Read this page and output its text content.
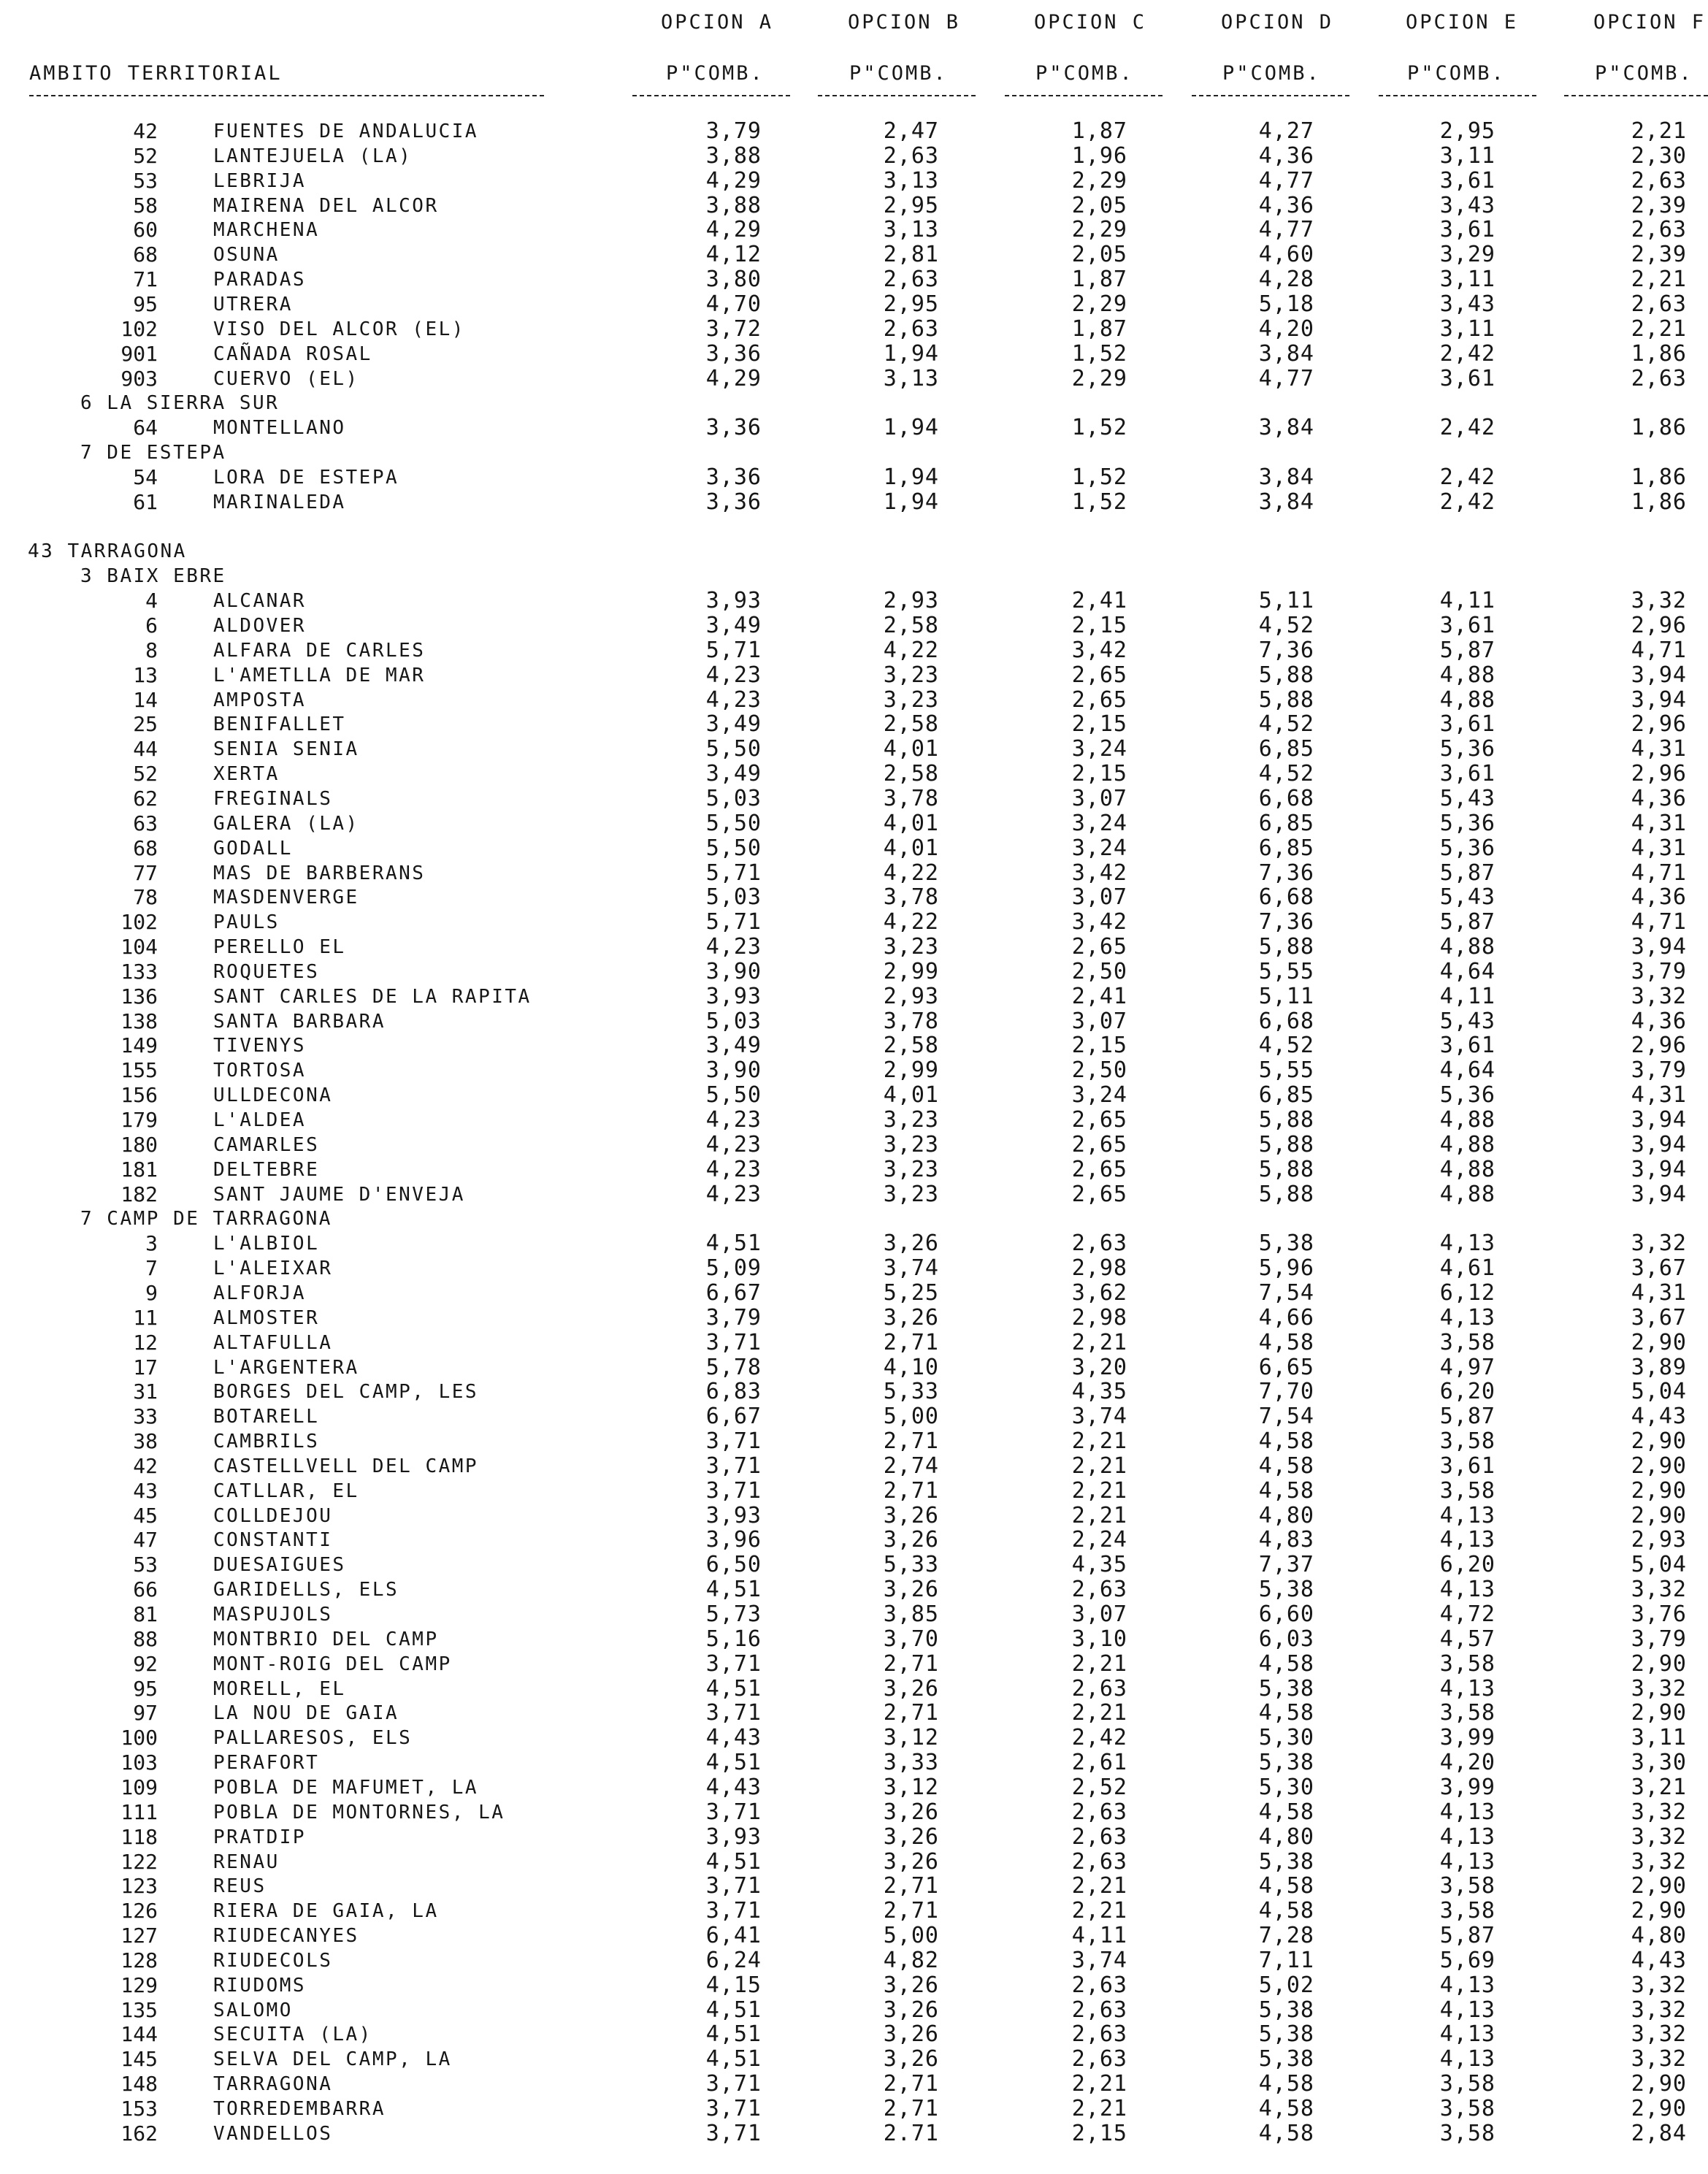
OPCION A	OPCION B	OPCION C	OPCION D	OPCION E	OPCION F
AMBITO TERRITORIAL	P"COMB.	P"COMB.	P"COMB.	P"COMB.	P"COMB.	P"COMB.
42	FUENTES DE ANDALUCIA	3,79	2,47	1,87	4,27	2,95	2,21
52	LANTEJUELA (LA)	3,88	2,63	1,96	4,36	3,11	2,30
53	LEBRIJA	4,29	3,13	2,29	4,77	3,61	2,63
58	MAIRENA DEL ALCOR	3,88	2,95	2,05	4,36	3,43	2,39
60	MARCHENA	4,29	3,13	2,29	4,77	3,61	2,63
68	OSUNA	4,12	2,81	2,05	4,60	3,29	2,39
71	PARADAS	3,80	2,63	1,87	4,28	3,11	2,21
95	UTRERA	4,70	2,95	2,29	5,18	3,43	2,63
102	VISO DEL ALCOR (EL)	3,72	2,63	1,87	4,20	3,11	2,21
901	CAÑADA ROSAL	3,36	1,94	1,52	3,84	2,42	1,86
903	CUERVO (EL)	4,29	3,13	2,29	4,77	3,61	2,63
6 LA SIERRA SUR
64	MONTELLANO	3,36	1,94	1,52	3,84	2,42	1,86
7 DE ESTEPA
54	LORA DE ESTEPA	3,36	1,94	1,52	3,84	2,42	1,86
61	MARINALEDA	3,36	1,94	1,52	3,84	2,42	1,86
43 TARRAGONA
3 BAIX EBRE
4	ALCANAR	3,93	2,93	2,41	5,11	4,11	3,32
6	ALDOVER	3,49	2,58	2,15	4,52	3,61	2,96
8	ALFARA DE CARLES	5,71	4,22	3,42	7,36	5,87	4,71
13	L'AMETLLA DE MAR	4,23	3,23	2,65	5,88	4,88	3,94
14	AMPOSTA	4,23	3,23	2,65	5,88	4,88	3,94
25	BENIFALLET	3,49	2,58	2,15	4,52	3,61	2,96
44	SENIA SENIA	5,50	4,01	3,24	6,85	5,36	4,31
52	XERTA	3,49	2,58	2,15	4,52	3,61	2,96
62	FREGINALS	5,03	3,78	3,07	6,68	5,43	4,36
63	GALERA (LA)	5,50	4,01	3,24	6,85	5,36	4,31
68	GODALL	5,50	4,01	3,24	6,85	5,36	4,31
77	MAS DE BARBERANS	5,71	4,22	3,42	7,36	5,87	4,71
78	MASDENVERGE	5,03	3,78	3,07	6,68	5,43	4,36
102	PAULS	5,71	4,22	3,42	7,36	5,87	4,71
104	PERELLO EL	4,23	3,23	2,65	5,88	4,88	3,94
133	ROQUETES	3,90	2,99	2,50	5,55	4,64	3,79
136	SANT CARLES DE LA RAPITA	3,93	2,93	2,41	5,11	4,11	3,32
138	SANTA BARBARA	5,03	3,78	3,07	6,68	5,43	4,36
149	TIVENYS	3,49	2,58	2,15	4,52	3,61	2,96
155	TORTOSA	3,90	2,99	2,50	5,55	4,64	3,79
156	ULLDECONA	5,50	4,01	3,24	6,85	5,36	4,31
179	L'ALDEA	4,23	3,23	2,65	5,88	4,88	3,94
180	CAMARLES	4,23	3,23	2,65	5,88	4,88	3,94
181	DELTEBRE	4,23	3,23	2,65	5,88	4,88	3,94
182	SANT JAUME D'ENVEJA	4,23	3,23	2,65	5,88	4,88	3,94
7 CAMP DE TARRAGONA
3	L'ALBIOL	4,51	3,26	2,63	5,38	4,13	3,32
7	L'ALEIXAR	5,09	3,74	2,98	5,96	4,61	3,67
9	ALFORJA	6,67	5,25	3,62	7,54	6,12	4,31
11	ALMOSTER	3,79	3,26	2,98	4,66	4,13	3,67
12	ALTAFULLA	3,71	2,71	2,21	4,58	3,58	2,90
17	L'ARGENTERA	5,78	4,10	3,20	6,65	4,97	3,89
31	BORGES DEL CAMP, LES	6,83	5,33	4,35	7,70	6,20	5,04
33	BOTARELL	6,67	5,00	3,74	7,54	5,87	4,43
38	CAMBRILS	3,71	2,71	2,21	4,58	3,58	2,90
42	CASTELLVELL DEL CAMP	3,71	2,74	2,21	4,58	3,61	2,90
43	CATLLAR, EL	3,71	2,71	2,21	4,58	3,58	2,90
45	COLLDEJOU	3,93	3,26	2,21	4,80	4,13	2,90
47	CONSTANTI	3,96	3,26	2,24	4,83	4,13	2,93
53	DUESAIGUES	6,50	5,33	4,35	7,37	6,20	5,04
66	GARIDELLS, ELS	4,51	3,26	2,63	5,38	4,13	3,32
81	MASPUJOLS	5,73	3,85	3,07	6,60	4,72	3,76
88	MONTBRIO DEL CAMP	5,16	3,70	3,10	6,03	4,57	3,79
92	MONT-ROIG DEL CAMP	3,71	2,71	2,21	4,58	3,58	2,90
95	MORELL, EL	4,51	3,26	2,63	5,38	4,13	3,32
97	LA NOU DE GAIA	3,71	2,71	2,21	4,58	3,58	2,90
100	PALLARESOS, ELS	4,43	3,12	2,42	5,30	3,99	3,11
103	PERAFORT	4,51	3,33	2,61	5,38	4,20	3,30
109	POBLA DE MAFUMET, LA	4,43	3,12	2,52	5,30	3,99	3,21
111	POBLA DE MONTORNES, LA	3,71	3,26	2,63	4,58	4,13	3,32
118	PRATDIP	3,93	3,26	2,63	4,80	4,13	3,32
122	RENAU	4,51	3,26	2,63	5,38	4,13	3,32
123	REUS	3,71	2,71	2,21	4,58	3,58	2,90
126	RIERA DE GAIA, LA	3,71	2,71	2,21	4,58	3,58	2,90
127	RIUDECANYES	6,41	5,00	4,11	7,28	5,87	4,80
128	RIUDECOLS	6,24	4,82	3,74	7,11	5,69	4,43
129	RIUDOMS	4,15	3,26	2,63	5,02	4,13	3,32
135	SALOMO	4,51	3,26	2,63	5,38	4,13	3,32
144	SECUITA (LA)	4,51	3,26	2,63	5,38	4,13	3,32
145	SELVA DEL CAMP, LA	4,51	3,26	2,63	5,38	4,13	3,32
148	TARRAGONA	3,71	2,71	2,21	4,58	3,58	2,90
153	TORREDEMBARRA	3,71	2,71	2,21	4,58	3,58	2,90
162	VANDELLOS	3,71	2.71	2,15	4,58	3,58	2,84
